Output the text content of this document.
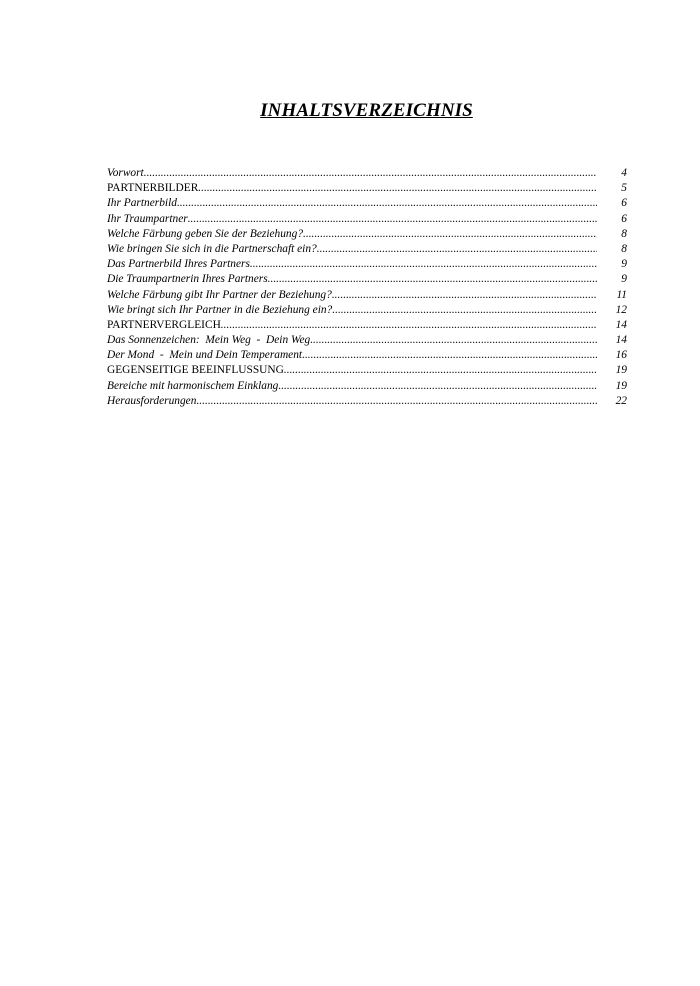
INHALTSVERZEICHNIS
Vorwort .....	4
PARTNERBILDER .....	5
Ihr Partnerbild .....	6
Ihr Traumpartner .....	6
Welche Färbung geben Sie der Beziehung? .....	8
Wie bringen Sie sich in die Partnerschaft ein? .....	8
Das Partnerbild Ihres Partners .....	9
Die Traumpartnerin Ihres Partners .....	9
Welche Färbung gibt Ihr Partner der Beziehung? .....	11
Wie bringt sich Ihr Partner in die Beziehung ein? .....	12
PARTNERVERGLEICH .....	14
Das Sonnenzeichen:  Mein Weg  -  Dein Weg .....	14
Der Mond  -  Mein und Dein Temperament .....	16
GEGENSEITIGE BEEINFLUSSUNG .....	19
Bereiche mit harmonischem Einklang .....	19
Herausforderungen .....	22
